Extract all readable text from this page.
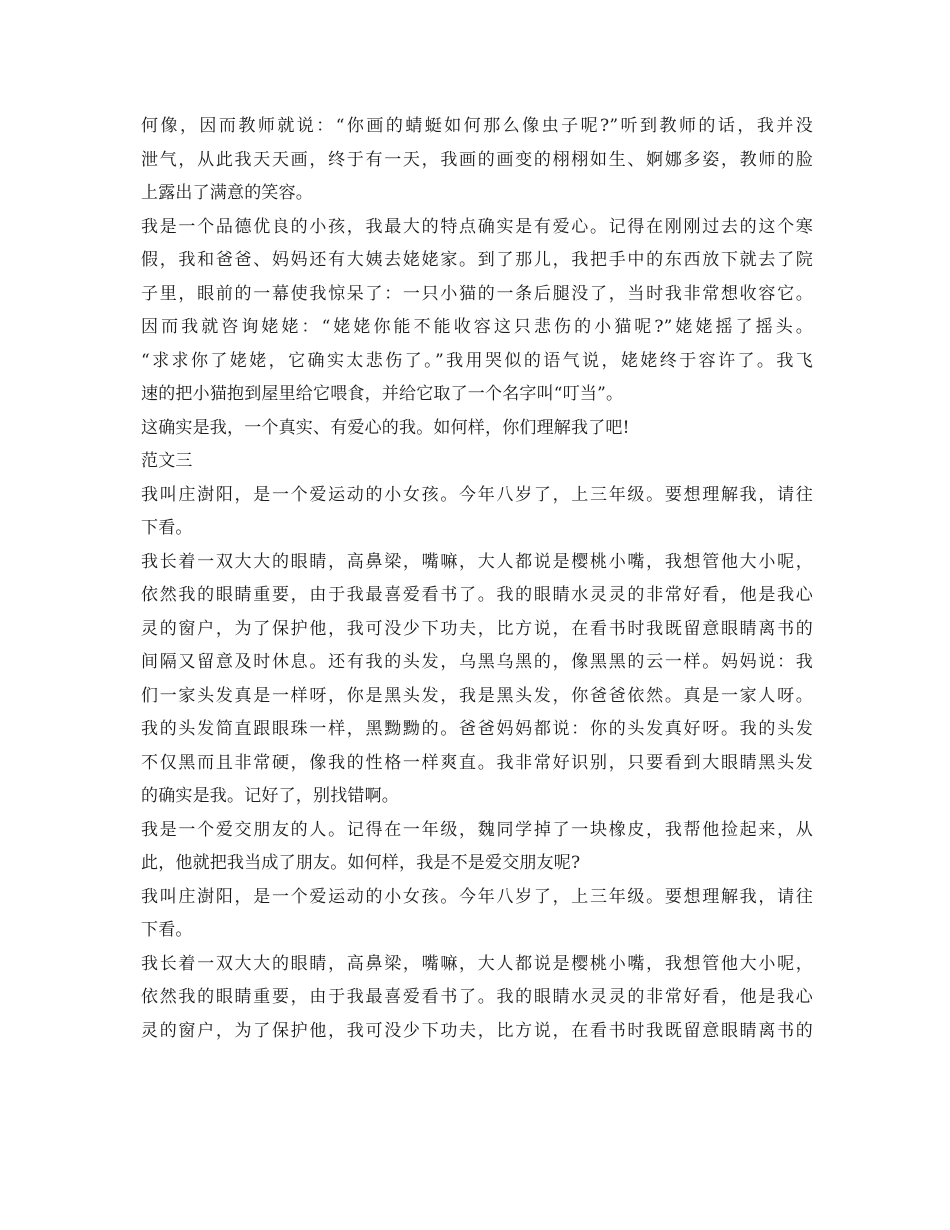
何像，因而教师就说：“你画的蜻蜓如何那么像虫子呢?”听到教师的话，我并没
泄气，从此我天天画，终于有一天，我画的画变的栩栩如生、婀娜多姿，教师的脸
上露出了满意的笑容。
我是一个品德优良的小孩，我最大的特点确实是有爱心。记得在刚刚过去的这个寒
假，我和爸爸、妈妈还有大姨去姥姥家。到了那儿，我把手中的东西放下就去了院
子里，眼前的一幕使我惊呆了：一只小猫的一条后腿没了，当时我非常想收容它。
因而我就咨询姥姥：“姥姥你能不能收容这只悲伤的小猫呢?”姥姥摇了摇头。
“求求你了姥姥，它确实太悲伤了。”我用哭似的语气说，姥姥终于容许了。我飞
速的把小猫抱到屋里给它喂食，并给它取了一个名字叫“叮当”。
这确实是我，一个真实、有爱心的我。如何样，你们理解我了吧!
范文三
我叫庄澍阳，是一个爱运动的小女孩。今年八岁了，上三年级。要想理解我，请往
下看。
我长着一双大大的眼睛，高鼻梁，嘴嘛，大人都说是樱桃小嘴，我想管他大小呢，
依然我的眼睛重要，由于我最喜爱看书了。我的眼睛水灵灵的非常好看，他是我心
灵的窗户，为了保护他，我可没少下功夫，比方说，在看书时我既留意眼睛离书的
间隔又留意及时休息。还有我的头发，乌黑乌黑的，像黑黑的云一样。妈妈说：我
们一家头发真是一样呀，你是黑头发，我是黑头发，你爸爸依然。真是一家人呀。
我的头发简直跟眼珠一样，黑黝黝的。爸爸妈妈都说：你的头发真好呀。我的头发
不仅黑而且非常硬，像我的性格一样爽直。我非常好识别，只要看到大眼睛黑头发
的确实是我。记好了，别找错啊。
我是一个爱交朋友的人。记得在一年级，魏同学掉了一块橡皮，我帮他捡起来，从
此，他就把我当成了朋友。如何样，我是不是爱交朋友呢?
我叫庄澍阳，是一个爱运动的小女孩。今年八岁了，上三年级。要想理解我，请往
下看。
我长着一双大大的眼睛，高鼻梁，嘴嘛，大人都说是樱桃小嘴，我想管他大小呢，
依然我的眼睛重要，由于我最喜爱看书了。我的眼睛水灵灵的非常好看，他是我心
灵的窗户，为了保护他，我可没少下功夫，比方说，在看书时我既留意眼睛离书的
